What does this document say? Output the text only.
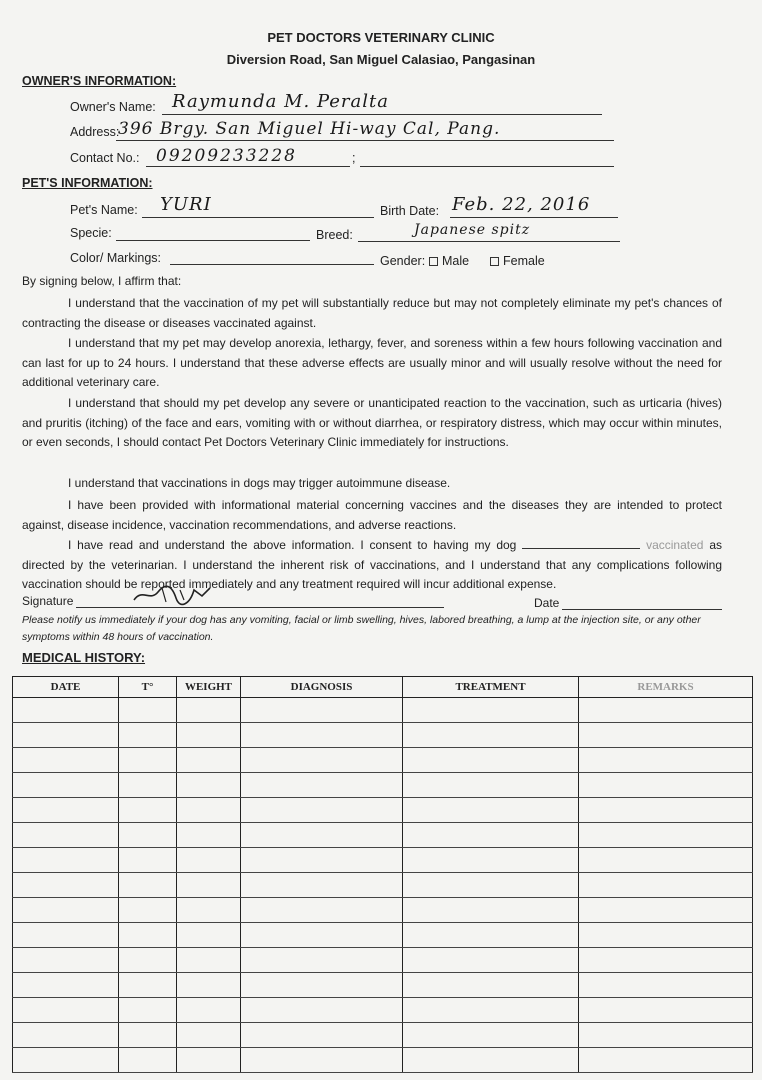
PET DOCTORS VETERINARY CLINIC
Diversion Road, San Miguel Calasiao, Pangasinan
OWNER'S INFORMATION:
Owner's Name: Raymunda M. Peralta
Address:
396 Brgy. San Miguel Hi-way Cal, Pang.
Contact No.: 09209233228	;
PET'S INFORMATION:
Pet's Name: YURI	Birth Date: Feb. 22, 2016
Specie:	Breed:	Japanese spitz
Color/ Markings:	Gender:	Male	Female
By signing below, I affirm that:
I understand that the vaccination of my pet will substantially reduce but may not completely eliminate my pet's chances of contracting the disease or diseases vaccinated against.
I understand that my pet may develop anorexia, lethargy, fever, and soreness within a few hours following vaccination and can last for up to 24 hours. I understand that these adverse effects are usually minor and will usually resolve without the need for additional veterinary care.
I understand that should my pet develop any severe or unanticipated reaction to the vaccination, such as urticaria (hives) and pruritis (itching) of the face and ears, vomiting with or without diarrhea, or respiratory distress, which may occur within minutes, or even seconds, I should contact Pet Doctors Veterinary Clinic immediately for instructions.
I understand that vaccinations in dogs may trigger autoimmune disease.
I have been provided with informational material concerning vaccines and the diseases they are intended to protect against, disease incidence, vaccination recommendations, and adverse reactions.
I have read and understand the above information. I consent to having my dog	vaccinated as directed by the veterinarian. I understand the inherent risk of vaccinations, and I understand that any complications following vaccination should be reported immediately and any treatment required will incur additional expense.
Signature	Date
Please notify us immediately if your dog has any vomiting, facial or limb swelling, hives, labored breathing, a lump at the injection site, or any other symptoms within 48 hours of vaccination.
MEDICAL HISTORY:
DATE	T°	WEIGHT	DIAGNOSIS	TREATMENT	REMARKS
